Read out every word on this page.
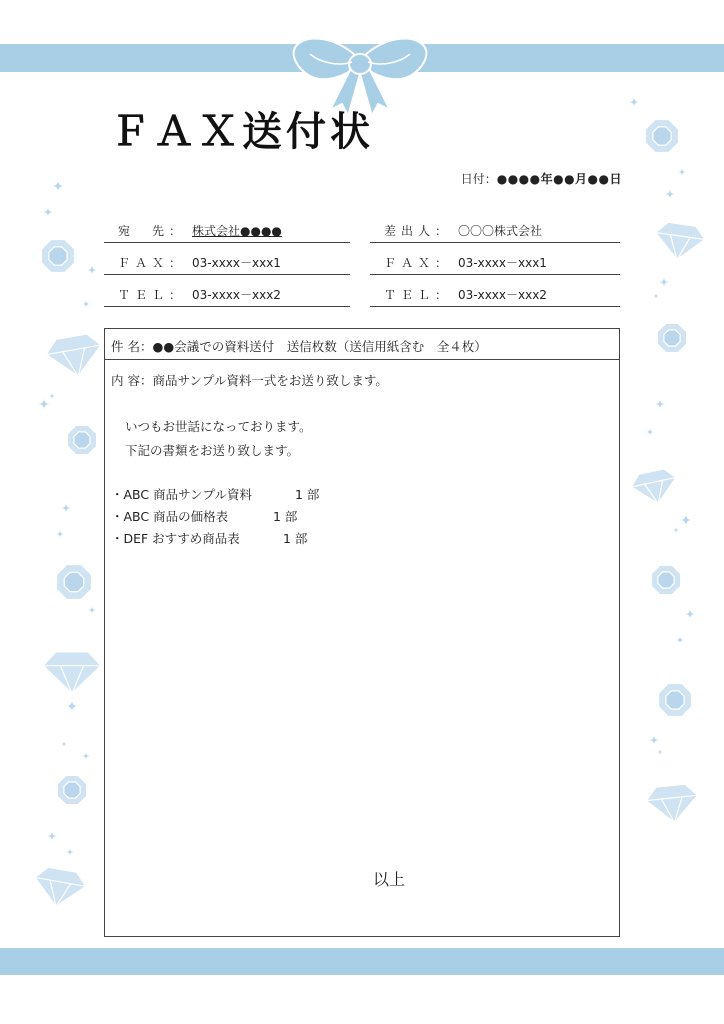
ＦＡＸ送付状
日付：●●●●年●●月●●日
宛　先： 株式会社●●●●
ＦＡＸ： 03-xxxx－xxx1
ＴＥＬ： 03-xxxx－xxx2
差出人： 〇〇〇株式会社
ＦＡＸ： 03-xxxx－xxx1
ＴＥＬ： 03-xxxx－xxx2
件 名：●●会議での資料送付　送信枚数（送信用紙含む　全４枚）
内 容：商品サンプル資料一式をお送り致します。
いつもお世話になっております。
下記の書類をお送り致します。
・ABC 商品サンプル資料	1 部
・ABC 商品の価格表	1 部
・DEF おすすめ商品表	1 部
以上
